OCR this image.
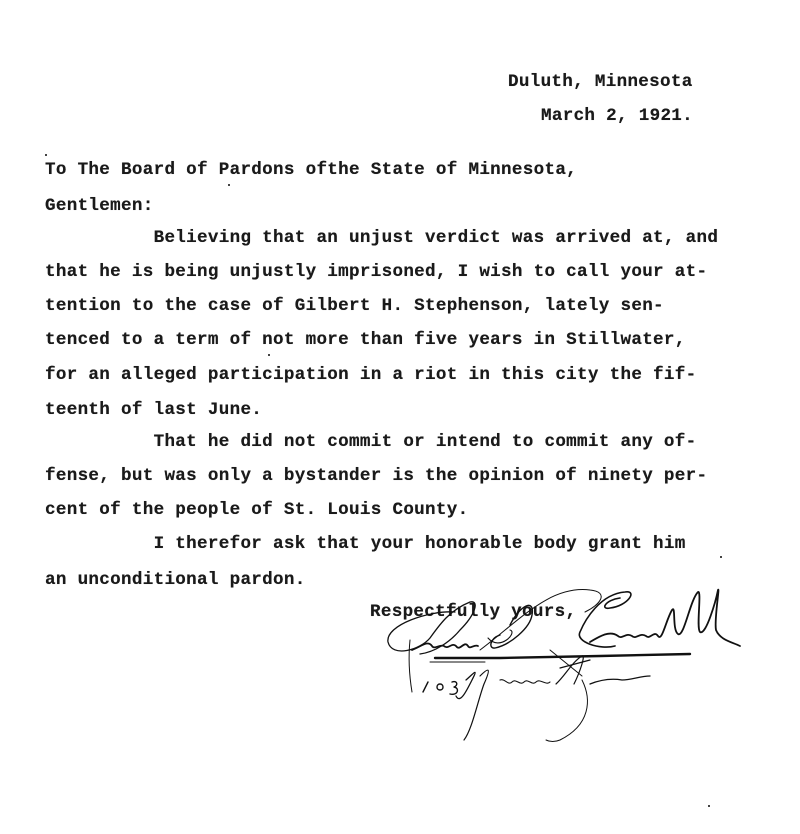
Duluth, Minnesota
March 2, 1921.
To The Board of Pardons ofthe State of Minnesota,
Gentlemen:
Believing that an unjust verdict was arrived at, and
that he is being unjustly imprisoned, I wish to call your at-
tention to the case of Gilbert H. Stephenson, lately sen-
tenced to a term of not more than five years in Stillwater,
for an alleged participation in a riot in this city the fif-
teenth of last June.
That he did not commit or intend to commit any of-
fense, but was only a bystander is the opinion of ninety per-
cent of the people of St. Louis County.
I therefor ask that your honorable body grant him
an unconditional pardon.
Respectfully yours,
